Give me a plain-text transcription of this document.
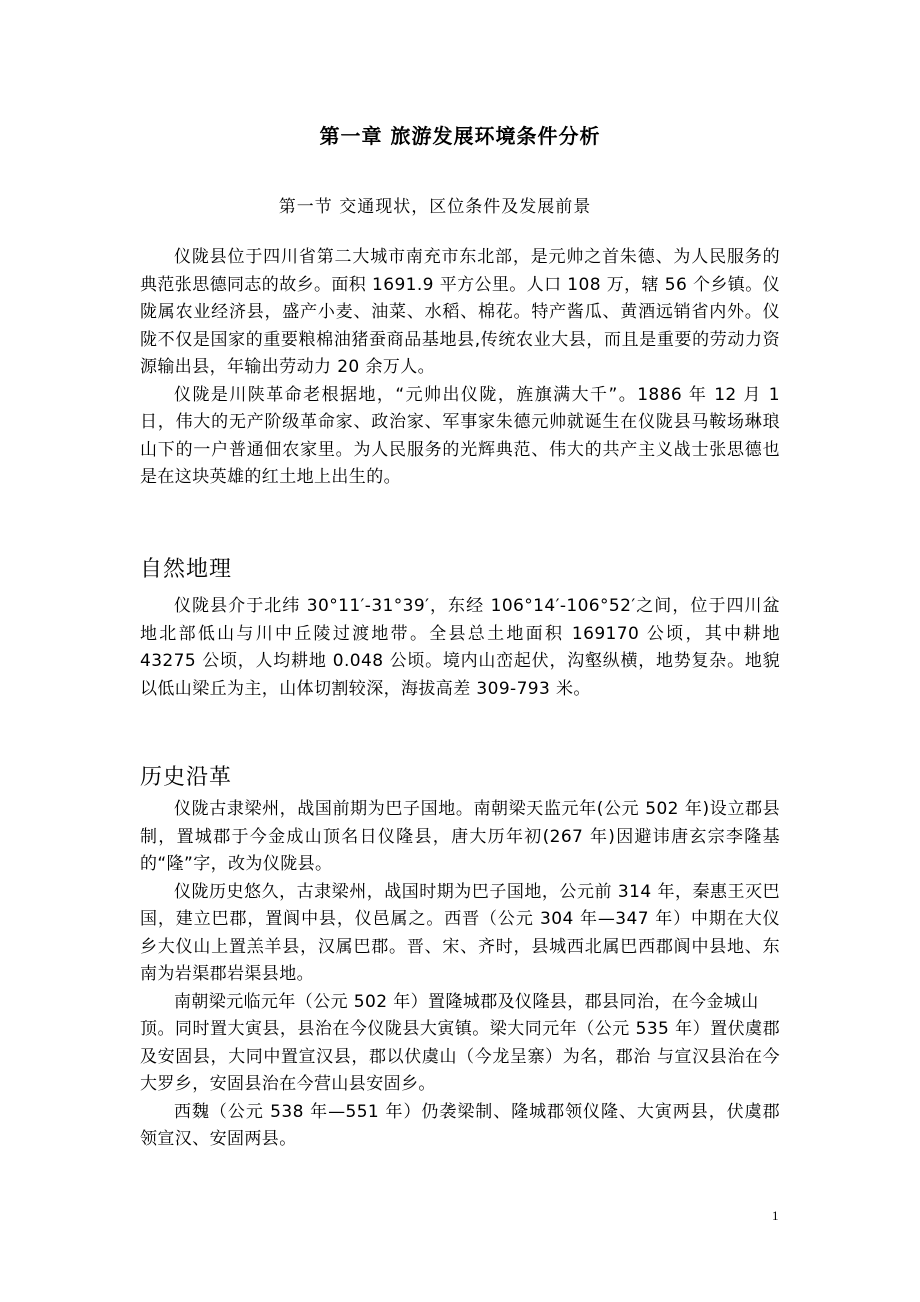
第一章 旅游发展环境条件分析
第一节 交通现状，区位条件及发展前景

仪陇县位于四川省第二大城市南充市东北部，是元帅之首朱德、为人民服务的典范张思德同志的故乡。面积 1691.9 平方公里。人口 108 万，辖 56 个乡镇。仪陇属农业经济县，盛产小麦、油菜、水稻、棉花。特产酱瓜、黄酒远销省内外。仪陇不仅是国家的重要粮棉油猪蚕商品基地县,传统农业大县，而且是重要的劳动力资源输出县，年输出劳动力 20 余万人。

仪陇是川陕革命老根据地，“元帅出仪陇，旌旗满大千”。1886 年 12 月 1 日，伟大的无产阶级革命家、政治家、军事家朱德元帅就诞生在仪陇县马鞍场琳琅山下的一户普通佃农家里。为人民服务的光辉典范、伟大的共产主义战士张思德也是在这块英雄的红土地上出生的。

自然地理

仪陇县介于北纬 30°11′-31°39′，东经 106°14′-106°52′之间，位于四川盆地北部低山与川中丘陵过渡地带。全县总土地面积 169170 公顷，其中耕地 43275 公顷，人均耕地 0.048 公顷。境内山峦起伏，沟壑纵横，地势复杂。地貌以低山梁丘为主，山体切割较深，海拔高差 309-793 米。

历史沿革

仪陇古隶梁州，战国前期为巴子国地。南朝梁天监元年(公元 502 年)设立郡县制，置城郡于今金成山顶名日仪隆县，唐大历年初(267 年)因避讳唐玄宗李隆基的“隆”字，改为仪陇县。

仪陇历史悠久，古隶梁州，战国时期为巴子国地，公元前 314 年，秦惠王灭巴国，建立巴郡，置阆中县，仪邑属之。西晋（公元 304 年—347 年）中期在大仪乡大仪山上置羔羊县，汉属巴郡。晋、宋、齐时，县城西北属巴西郡阆中县地、东南为岩渠郡岩渠县地。

南朝梁元临元年（公元 502 年）置隆城郡及仪隆县，郡县同治，在今金城山

顶。同时置大寅县，县治在今仪陇县大寅镇。梁大同元年（公元 535 年）置伏虞郡及安固县，大同中置宣汉县，郡以伏虞山（今龙呈寨）为名，郡治 与宣汉县治在今大罗乡，安固县治在今营山县安固乡。

西魏（公元 538 年—551 年）仍袭梁制、隆城郡领仪隆、大寅两县，伏虞郡领宣汉、安固两县。

1
